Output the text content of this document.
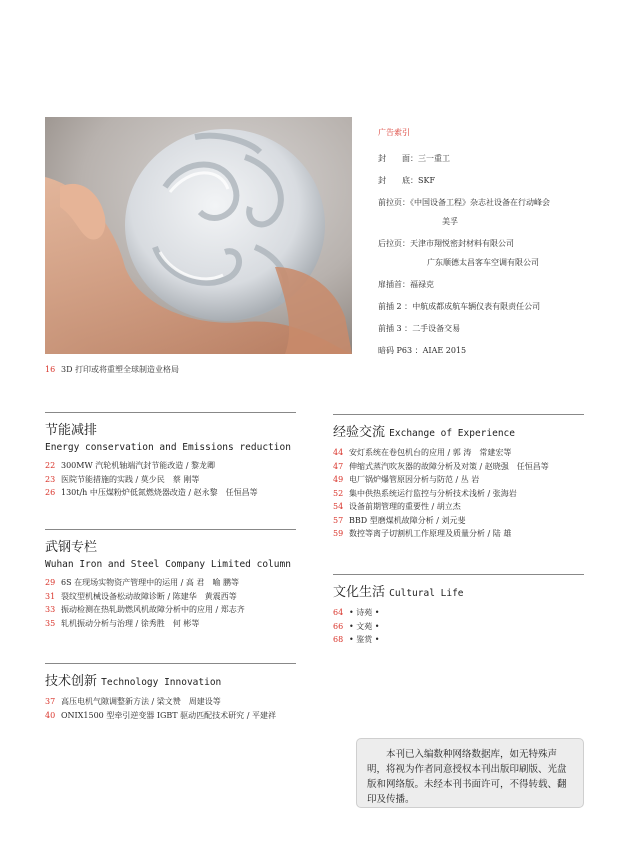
16 3D 打印或将重塑全球制造业格局
广告索引
封　　面：三一重工
封　　底：SKF
前拉页：《中国设备工程》杂志社设备在行动峰会
美孚
后拉页：天津市翔悦密封材料有限公司
广东顺德太昌客车空调有限公司
扉插首：福禄克
前插 2 ：中航成都成航车辆仪表有限责任公司
前插 3 ：二手设备交易
暗码 P63 ：AIAE 2015
节能减排
Energy conservation and Emissions reduction
22 300MW 汽轮机轴端汽封节能改造 / 黎龙卿
23 医院节能措施的实践 / 莫少民　蔡 刚等
26 130t/h 中压煤粉炉低氮燃烧器改造 / 赵永黎　任恒昌等
武钢专栏
Wuhan Iron and Steel Company Limited column
29 6S 在现场实物资产管理中的运用 / 高 君　喻 鹏等
31 裂纹型机械设备松动故障诊断 / 陈建华　黄震西等
33 振动检测在热轧助燃风机故障分析中的应用 / 郑志齐
35 轧机振动分析与治理 / 徐秀胜　何 彬等
技术创新 Technology Innovation
37 高压电机气隙调整新方法 / 梁文赞　周建设等
40 ONIX1500 型牵引逆变器 IGBT 驱动匹配技术研究 / 平建祥
经验交流 Exchange of Experience
44 安灯系统在卷包机台的应用 / 郭 涛　常建宏等
47 伸缩式蒸汽吹灰器的故障分析及对策 / 赵晓强　任恒昌等
49 电厂锅炉爆管原因分析与防范 / 丛 岩
52 集中供热系统运行监控与分析技术浅析 / 张海岩
54 设备前期管理的重要性 / 胡立杰
57 BBD 型磨煤机故障分析 / 刘元斐
59 数控等离子切割机工作原理及质量分析 / 陆 雄
文化生活 Cultural Life
64 • 诗苑 •
66 • 文苑 •
68 • 鉴赏 •
本刊已入编数种网络数据库，如无特殊声明，将视为作者同意授权本刊出版印刷版、光盘版和网络版。未经本刊书面许可，不得转载、翻印及传播。
